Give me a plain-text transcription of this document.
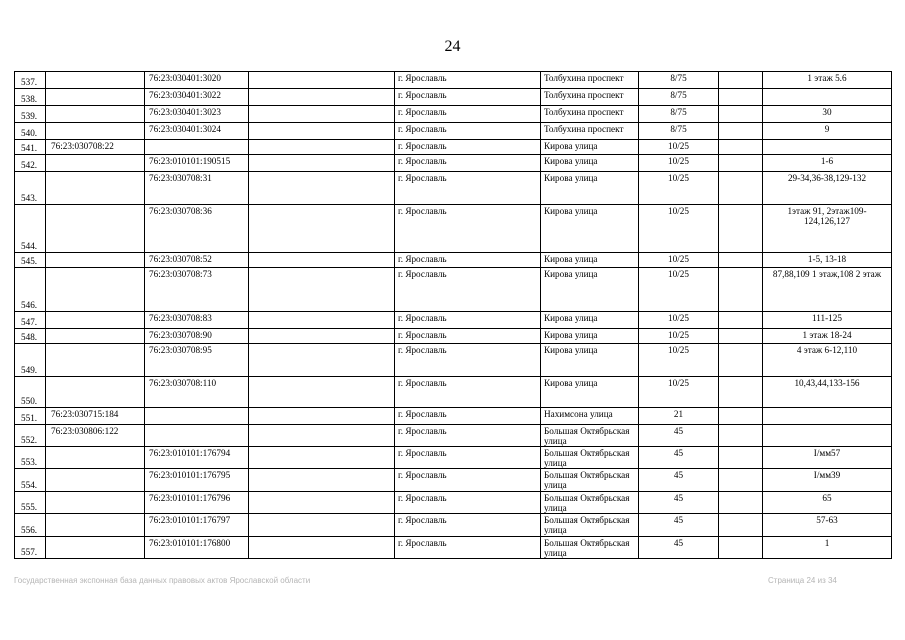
24
537.		76:23:030401:3020		г. Ярославль	Толбухина проспект	8/75		1 этаж 5.6
538.		76:23:030401:3022		г. Ярославль	Толбухина проспект	8/75		
539.		76:23:030401:3023		г. Ярославль	Толбухина проспект	8/75		30
540.		76:23:030401:3024		г. Ярославль	Толбухина проспект	8/75		9
541.	76:23:030708:22			г. Ярославль	Кирова улица	10/25		
542.		76:23:010101:190515		г. Ярославль	Кирова улица	10/25		1-6
543.		76:23:030708:31		г. Ярославль	Кирова улица	10/25		29-34,36-38,129-132
544.		76:23:030708:36		г. Ярославль	Кирова улица	10/25		1этаж 91, 2этаж109-124,126,127
545.		76:23:030708:52		г. Ярославль	Кирова улица	10/25		1-5, 13-18
546.		76:23:030708:73		г. Ярославль	Кирова улица	10/25		87,88,109 1 этаж,108 2 этаж
547.		76:23:030708:83		г. Ярославль	Кирова улица	10/25		111-125
548.		76:23:030708:90		г. Ярославль	Кирова улица	10/25		1 этаж 18-24
549.		76:23:030708:95		г. Ярославль	Кирова улица	10/25		4 этаж 6-12,110
550.		76:23:030708:110		г. Ярославль	Кирова улица	10/25		10,43,44,133-156
551.	76:23:030715:184			г. Ярославль	Нахимсона улица	21		
552.	76:23:030806:122			г. Ярославль	Большая Октябрьская улица	45		
553.		76:23:010101:176794		г. Ярославль	Большая Октябрьская улица	45		I/мм57
554.		76:23:010101:176795		г. Ярославль	Большая Октябрьская улица	45		I/мм39
555.		76:23:010101:176796		г. Ярославль	Большая Октябрьская улица	45		65
556.		76:23:010101:176797		г. Ярославль	Большая Октябрьская улица	45		57-63
557.		76:23:010101:176800		г. Ярославль	Большая Октябрьская улица	45		1
Государственная экспонная база данных правовых актов Ярославской области	Страница 24 из 34
